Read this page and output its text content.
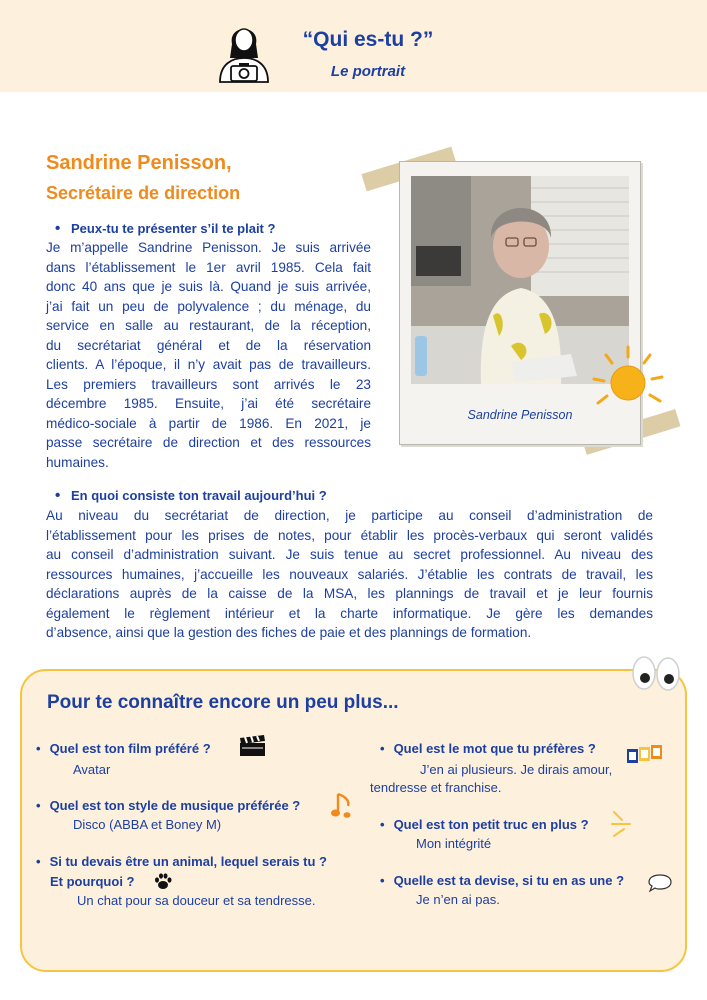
“Qui es-tu ?”
Le portrait
Sandrine Penisson,
Secrétaire de direction
• Peux-tu te présenter s’il te plait ?
Je m’appelle Sandrine Penisson. Je suis arrivée
dans l’établissement le 1er avril 1985. Cela fait
donc 40 ans que je suis là. Quand je suis arrivée,
j’ai fait un peu de polyvalence ; du ménage, du
service en salle au restaurant, de la réception,
du secrétariat général et de la réservation
clients. A l’époque, il n’y avait pas de travailleurs.
Les premiers travailleurs sont arrivés le 23
décembre 1985. Ensuite, j’ai été secrétaire
médico-sociale à partir de 1986. En 2021, je
passe secrétaire de direction et des ressources
humaines.
Sandrine Penisson
• En quoi consiste ton travail aujourd’hui ?
Au niveau du secrétariat de direction, je participe au conseil d’administration de
l’établissement pour les prises de notes, pour établir les procès-verbaux qui seront validés
au conseil d’administration suivant. Je suis tenue au secret professionnel. Au niveau des
ressources humaines, j’accueille les nouveaux salariés. J’établie les contrats de travail, les
déclarations auprès de la caisse de la MSA, les plannings de travail et je leur fournis
également le règlement intérieur et la charte informatique. Je gère les demandes
d’absence, ainsi que la gestion des fiches de paie et des plannings de formation.
Pour te connaître encore un peu plus...
• Quel est ton film préféré ?
Avatar
• Quel est ton style de musique préférée ?
Disco (ABBA et Boney M)
• Si tu devais être un animal, lequel serais tu ?
Et pourquoi ?
Un chat pour sa douceur et sa tendresse.
• Quel est le mot que tu préfères ?
J’en ai plusieurs. Je dirais amour,
tendresse et franchise.
• Quel est ton petit truc en plus ?
Mon intégrité
• Quelle est ta devise, si tu en as une ?
Je n’en ai pas.
